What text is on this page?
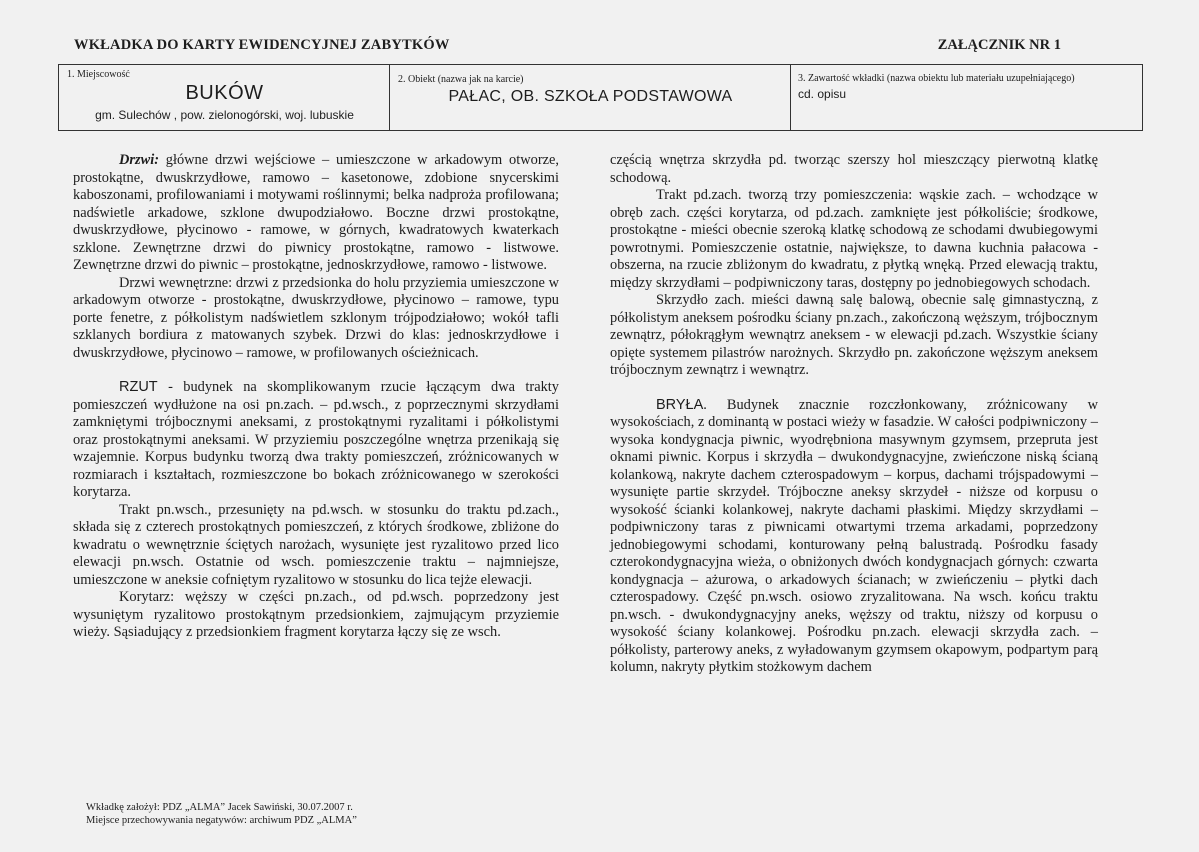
WKŁADKA DO KARTY EWIDENCYJNEJ ZABYTKÓW	ZAŁĄCZNIK NR 1
1. Miejscowość
BUKÓW
gm. Sulechów , pow. zielonogórski, woj. lubuskie
2. Obiekt (nazwa jak na karcie)
PAŁAC, OB. SZKOŁA PODSTAWOWA
3. Zawartość wkładki (nazwa obiektu lub materiału uzupełniającego)
cd. opisu

Drzwi: główne drzwi wejściowe – umieszczone w arkadowym otworze, prostokątne, dwuskrzydłowe, ramowo – kasetonowe, zdobione snycerskimi kaboszonami, profilowaniami i motywami roślinnymi; belka nadproża profilowana; nadświetle arkadowe, szklone dwupodziałowo. Boczne drzwi prostokątne, dwuskrzydłowe, płycinowo - ramowe, w górnych, kwadratowych kwaterkach szklone. Zewnętrzne drzwi do piwnicy prostokątne, ramowo - listwowe. Zewnętrzne drzwi do piwnic – prostokątne, jednoskrzydłowe, ramowo - listwowe.

Drzwi wewnętrzne: drzwi z przedsionka do holu przyziemia umieszczone w arkadowym otworze - prostokątne, dwuskrzydłowe, płycinowo – ramowe, typu porte fenetre, z półkolistym nadświetlem szklonym trójpodziałowo; wokół tafli szklanych bordiura z matowanych szybek. Drzwi do klas: jednoskrzydłowe i dwuskrzydłowe, płycinowo – ramowe, w profilowanych ościeżnicach.

RZUT - budynek na skomplikowanym rzucie łączącym dwa trakty pomieszczeń wydłużone na osi pn.zach. – pd.wsch., z poprzecznymi skrzydłami zamkniętymi trójbocznymi aneksami, z prostokątnymi ryzalitami i półkolistymi oraz prostokątnymi aneksami. W przyziemiu poszczególne wnętrza przenikają się wzajemnie. Korpus budynku tworzą dwa trakty pomieszczeń, zróżnicowanych w rozmiarach i kształtach, rozmieszczone bo bokach zróżnicowanego w szerokości korytarza.

Trakt pn.wsch., przesunięty na pd.wsch. w stosunku do traktu pd.zach., składa się z czterech prostokątnych pomieszczeń, z których środkowe, zbliżone do kwadratu o wewnętrznie ściętych narożach, wysunięte jest ryzalitowo przed lico elewacji pn.wsch. Ostatnie od wsch. pomieszczenie traktu – najmniejsze, umieszczone w aneksie cofniętym ryzalitowo w stosunku do lica tejże elewacji.

Korytarz: węższy w części pn.zach., od pd.wsch. poprzedzony jest wysuniętym ryzalitowo prostokątnym przedsionkiem, zajmującym przyziemie wieży. Sąsiadujący z przedsionkiem fragment korytarza łączy się ze wsch.

częścią wnętrza skrzydła pd. tworząc szerszy hol mieszczący pierwotną klatkę schodową.

Trakt pd.zach. tworzą trzy pomieszczenia: wąskie zach. – wchodzące w obręb zach. części korytarza, od pd.zach. zamknięte jest półkoliście; środkowe, prostokątne - mieści obecnie szeroką klatkę schodową ze schodami dwubiegowymi powrotnymi. Pomieszczenie ostatnie, największe, to dawna kuchnia pałacowa - obszerna, na rzucie zbliżonym do kwadratu, z płytką wnęką. Przed elewacją traktu, między skrzydłami – podpiwniczony taras, dostępny po jednobiegowych schodach.

Skrzydło zach. mieści dawną salę balową, obecnie salę gimnastyczną, z półkolistym aneksem pośrodku ściany pn.zach., zakończoną węższym, trójbocznym zewnątrz, półokrągłym wewnątrz aneksem - w elewacji pd.zach. Wszystkie ściany opięte systemem pilastrów narożnych. Skrzydło pn. zakończone węższym aneksem trójbocznym zewnątrz i wewnątrz.

BRYŁA. Budynek znacznie rozczłonkowany, zróżnicowany w wysokościach, z dominantą w postaci wieży w fasadzie. W całości podpiwniczony – wysoka kondygnacja piwnic, wyodrębniona masywnym gzymsem, przepruta jest oknami piwnic. Korpus i skrzydła – dwukondygnacyjne, zwieńczone niską ścianą kolankową, nakryte dachem czterospadowym – korpus, dachami trójspadowymi – wysunięte partie skrzydeł. Trójboczne aneksy skrzydeł - niższe od korpusu o wysokość ścianki kolankowej, nakryte dachami płaskimi. Między skrzydłami – podpiwniczony taras z piwnicami otwartymi trzema arkadami, poprzedzony jednobiegowymi schodami, konturowany pełną balustradą. Pośrodku fasady czterokondygnacyjna wieża, o obniżonych dwóch kondygnacjach górnych: czwarta kondygnacja – ażurowa, o arkadowych ścianach; w zwieńczeniu – płytki dach czterospadowy. Część pn.wsch. osiowo zryzalitowana. Na wsch. końcu traktu pn.wsch. - dwukondygnacyjny aneks, węższy od traktu, niższy od korpusu o wysokość ściany kolankowej. Pośrodku pn.zach. elewacji skrzydła zach. – półkolisty, parterowy aneks, z wyładowanym gzymsem okapowym, podpartym parą kolumn, nakryty płytkim stożkowym dachem

Wkładkę założył: PDZ „ALMA” Jacek Sawiński, 30.07.2007 r.
Miejsce przechowywania negatywów: archiwum PDZ „ALMA”
